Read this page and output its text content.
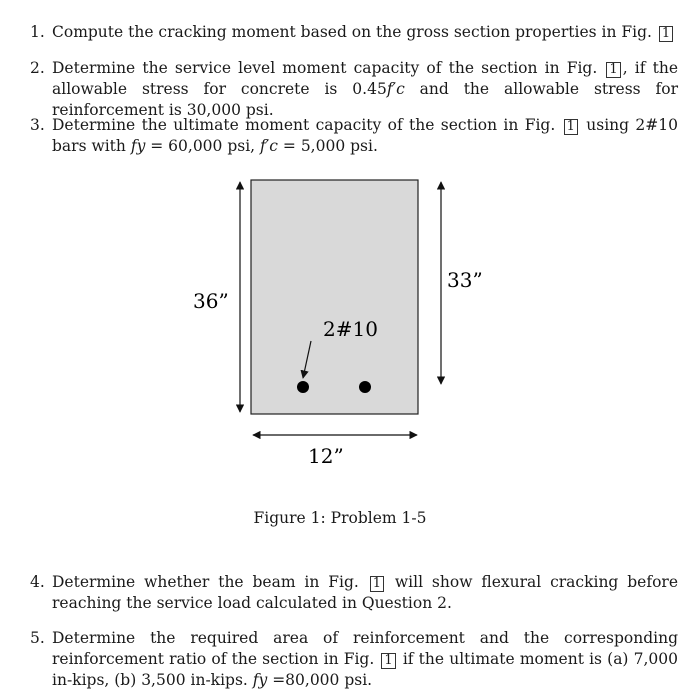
1. Compute the cracking moment based on the gross section properties in Fig. 1
2. Determine the service level moment capacity of the section in Fig. 1 , if the allowable stress for concrete is 0.45f′c and the allowable stress for reinforcement is 30,000 psi.
3. Determine the ultimate moment capacity of the section in Fig. 1 using 2#10 bars with fy = 60,000 psi, f′c = 5,000 psi.
36”
33”
12”
2#10
Figure 1: Problem 1-5
4. Determine whether the beam in Fig. 1 will show flexural cracking before reaching the service load calculated in Question 2.
5. Determine the required area of reinforcement and the corresponding reinforcement ratio of the section in Fig. 1 if the ultimate moment is (a) 7,000 in-kips, (b) 3,500 in-kips. fy =80,000 psi.
